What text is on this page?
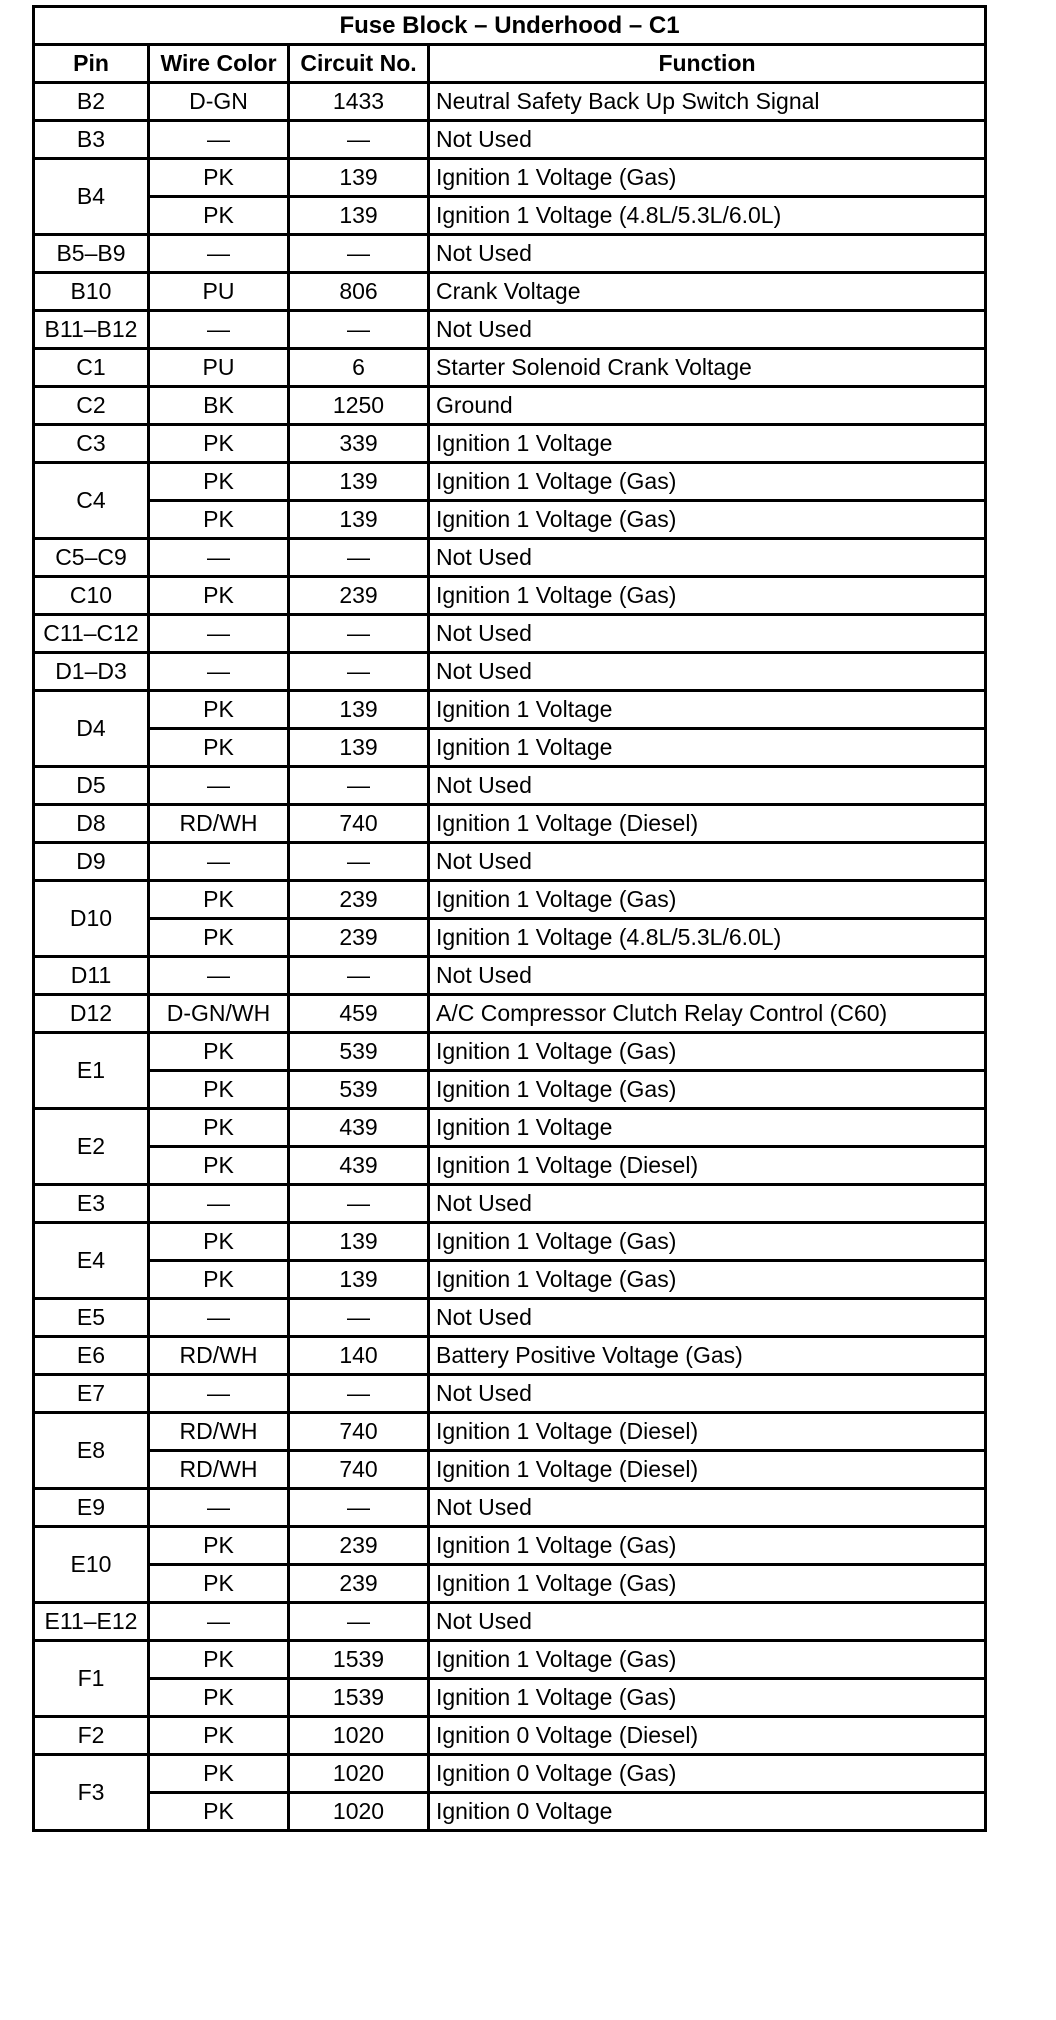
Fuse Block – Underhood – C1			
Pin	Wire Color	Circuit No.	Function
B2	D-GN	1433	Neutral Safety Back Up Switch Signal
B3	—	—	Not Used
B4	PK	139	Ignition 1 Voltage (Gas)
	PK	139	Ignition 1 Voltage (4.8L/5.3L/6.0L)
B5–B9	—	—	Not Used
B10	PU	806	Crank Voltage
B11–B12	—	—	Not Used
C1	PU	6	Starter Solenoid Crank Voltage
C2	BK	1250	Ground
C3	PK	339	Ignition 1 Voltage
C4	PK	139	Ignition 1 Voltage (Gas)
	PK	139	Ignition 1 Voltage (Gas)
C5–C9	—	—	Not Used
C10	PK	239	Ignition 1 Voltage (Gas)
C11–C12	—	—	Not Used
D1–D3	—	—	Not Used
D4	PK	139	Ignition 1 Voltage
	PK	139	Ignition 1 Voltage
D5	—	—	Not Used
D8	RD/WH	740	Ignition 1 Voltage (Diesel)
D9	—	—	Not Used
D10	PK	239	Ignition 1 Voltage (Gas)
	PK	239	Ignition 1 Voltage (4.8L/5.3L/6.0L)
D11	—	—	Not Used
D12	D-GN/WH	459	A/C Compressor Clutch Relay Control (C60)
E1	PK	539	Ignition 1 Voltage (Gas)
	PK	539	Ignition 1 Voltage (Gas)
E2	PK	439	Ignition 1 Voltage
	PK	439	Ignition 1 Voltage (Diesel)
E3	—	—	Not Used
E4	PK	139	Ignition 1 Voltage (Gas)
	PK	139	Ignition 1 Voltage (Gas)
E5	—	—	Not Used
E6	RD/WH	140	Battery Positive Voltage (Gas)
E7	—	—	Not Used
E8	RD/WH	740	Ignition 1 Voltage (Diesel)
	RD/WH	740	Ignition 1 Voltage (Diesel)
E9	—	—	Not Used
E10	PK	239	Ignition 1 Voltage (Gas)
	PK	239	Ignition 1 Voltage (Gas)
E11–E12	—	—	Not Used
F1	PK	1539	Ignition 1 Voltage (Gas)
	PK	1539	Ignition 1 Voltage (Gas)
F2	PK	1020	Ignition 0 Voltage (Diesel)
F3	PK	1020	Ignition 0 Voltage (Gas)
	PK	1020	Ignition 0 Voltage
